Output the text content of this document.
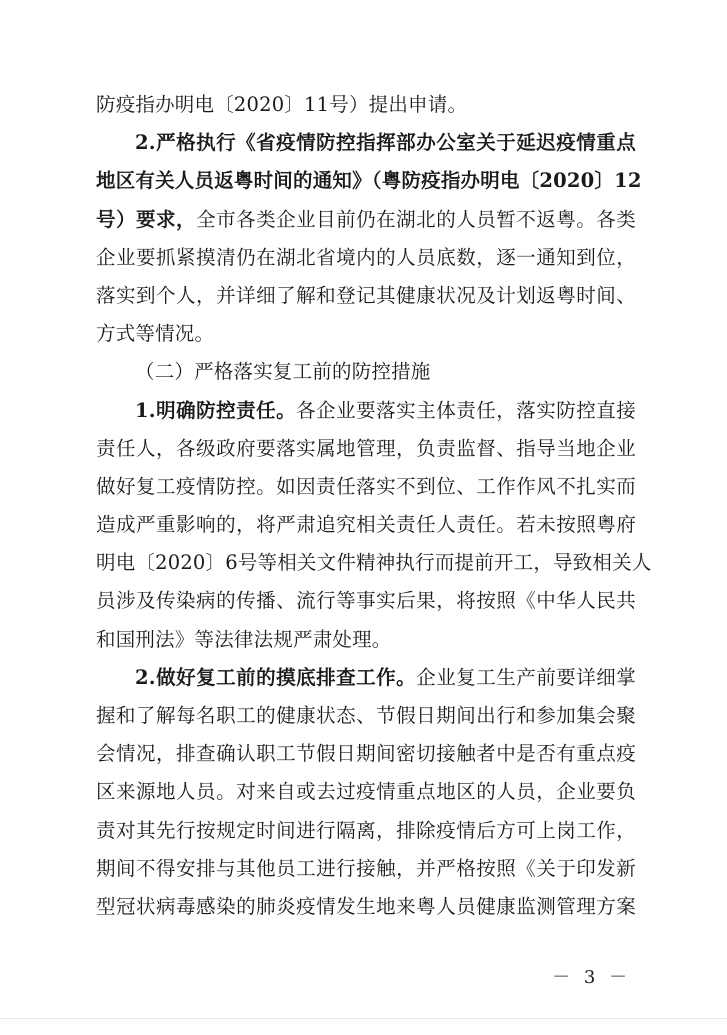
防疫指办明电〔2020〕11号）提出申请。
2.严格执行《省疫情防控指挥部办公室关于延迟疫情重点
地区有关人员返粤时间的通知》（粤防疫指办明电〔2020〕12
号）要求，全市各类企业目前仍在湖北的人员暂不返粤。各类
企业要抓紧摸清仍在湖北省境内的人员底数，逐一通知到位，
落实到个人，并详细了解和登记其健康状况及计划返粤时间、
方式等情况。
（二）严格落实复工前的防控措施
1.明确防控责任。各企业要落实主体责任，落实防控直接
责任人，各级政府要落实属地管理，负责监督、指导当地企业
做好复工疫情防控。如因责任落实不到位、工作作风不扎实而
造成严重影响的，将严肃追究相关责任人责任。若未按照粤府
明电〔2020〕6号等相关文件精神执行而提前开工，导致相关人
员涉及传染病的传播、流行等事实后果，将按照《中华人民共
和国刑法》等法律法规严肃处理。
2.做好复工前的摸底排查工作。企业复工生产前要详细掌
握和了解每名职工的健康状态、节假日期间出行和参加集会聚
会情况，排查确认职工节假日期间密切接触者中是否有重点疫
区来源地人员。对来自或去过疫情重点地区的人员，企业要负
责对其先行按规定时间进行隔离，排除疫情后方可上岗工作，
期间不得安排与其他员工进行接触，并严格按照《关于印发新
型冠状病毒感染的肺炎疫情发生地来粤人员健康监测管理方案
－ 3 －
